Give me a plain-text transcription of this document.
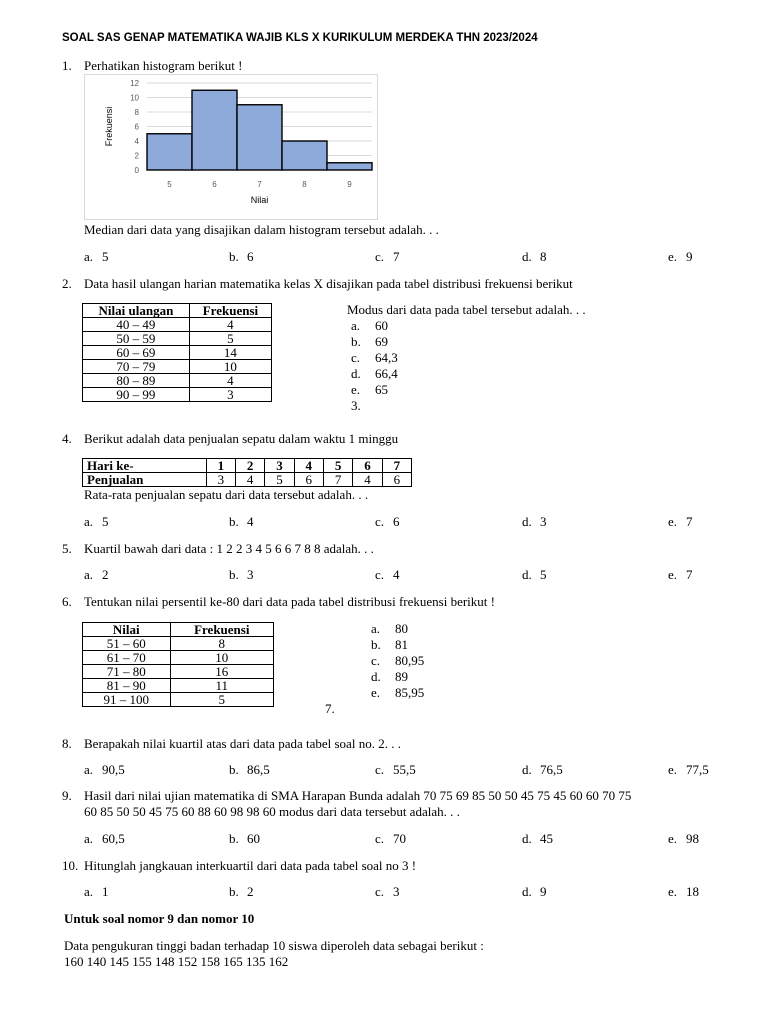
SOAL SAS GENAP MATEMATIKA WAJIB KLS X KURIKULUM MERDEKA THN 2023/2024
1. Perhatikan histogram berikut !
0
2
4
6
8
10
12
5	6	7	8	9
Nilai
Frekuensi
Median dari data yang disajikan dalam histogram tersebut adalah. . .
a. 5	b. 6	c. 7	d. 8	e. 9
2. Data hasil ulangan harian matematika kelas X disajikan pada tabel distribusi frekuensi berikut
Nilai ulangan	Frekuensi
40 – 49	4
50 – 59	5
60 – 69	14
70 – 79	10
80 – 89	4
90 – 99	3
Modus dari data pada tabel tersebut adalah. . .
a. 60
b. 69
c. 64,3
d. 66,4
e. 65
3.
4. Berikut adalah data penjualan sepatu dalam waktu 1 minggu
Hari ke-	1	2	3	4	5	6	7
Penjualan	3	4	5	6	7	4	6
Rata-rata penjualan sepatu dari data tersebut adalah. . .
a. 5	b. 4	c. 6	d. 3	e. 7
5. Kuartil bawah dari data : 1 2 2 3 4 5 6 6 7 8 8 adalah. . .
a. 2	b. 3	c. 4	d. 5	e. 7
6. Tentukan nilai persentil ke-80 dari data pada tabel distribusi frekuensi berikut !
Nilai	Frekuensi
51 – 60	8
61 – 70	10
71 – 80	16
81 – 90	11
91 – 100	5
a. 80
b. 81
c. 80,95
d. 89
e. 85,95
7.
8. Berapakah nilai kuartil atas dari data pada tabel soal no. 2. . .
a. 90,5	b. 86,5	c. 55,5	d. 76,5	e. 77,5
9. Hasil dari nilai ujian matematika di SMA Harapan Bunda adalah 70 75 69 85 50 50 45 75 45 60 60 70 75
60 85 50 50 45 75 60 88 60 98 98 60 modus dari data tersebut adalah. . .
a. 60,5	b. 60	c. 70	d. 45	e. 98
10. Hitunglah jangkauan interkuartil dari data pada tabel soal no 3 !
a. 1	b. 2	c. 3	d. 9	e. 18
Untuk soal nomor 9 dan nomor 10
Data pengukuran tinggi badan terhadap 10 siswa diperoleh data sebagai berikut :
160 140 145 155 148 152 158 165 135 162
